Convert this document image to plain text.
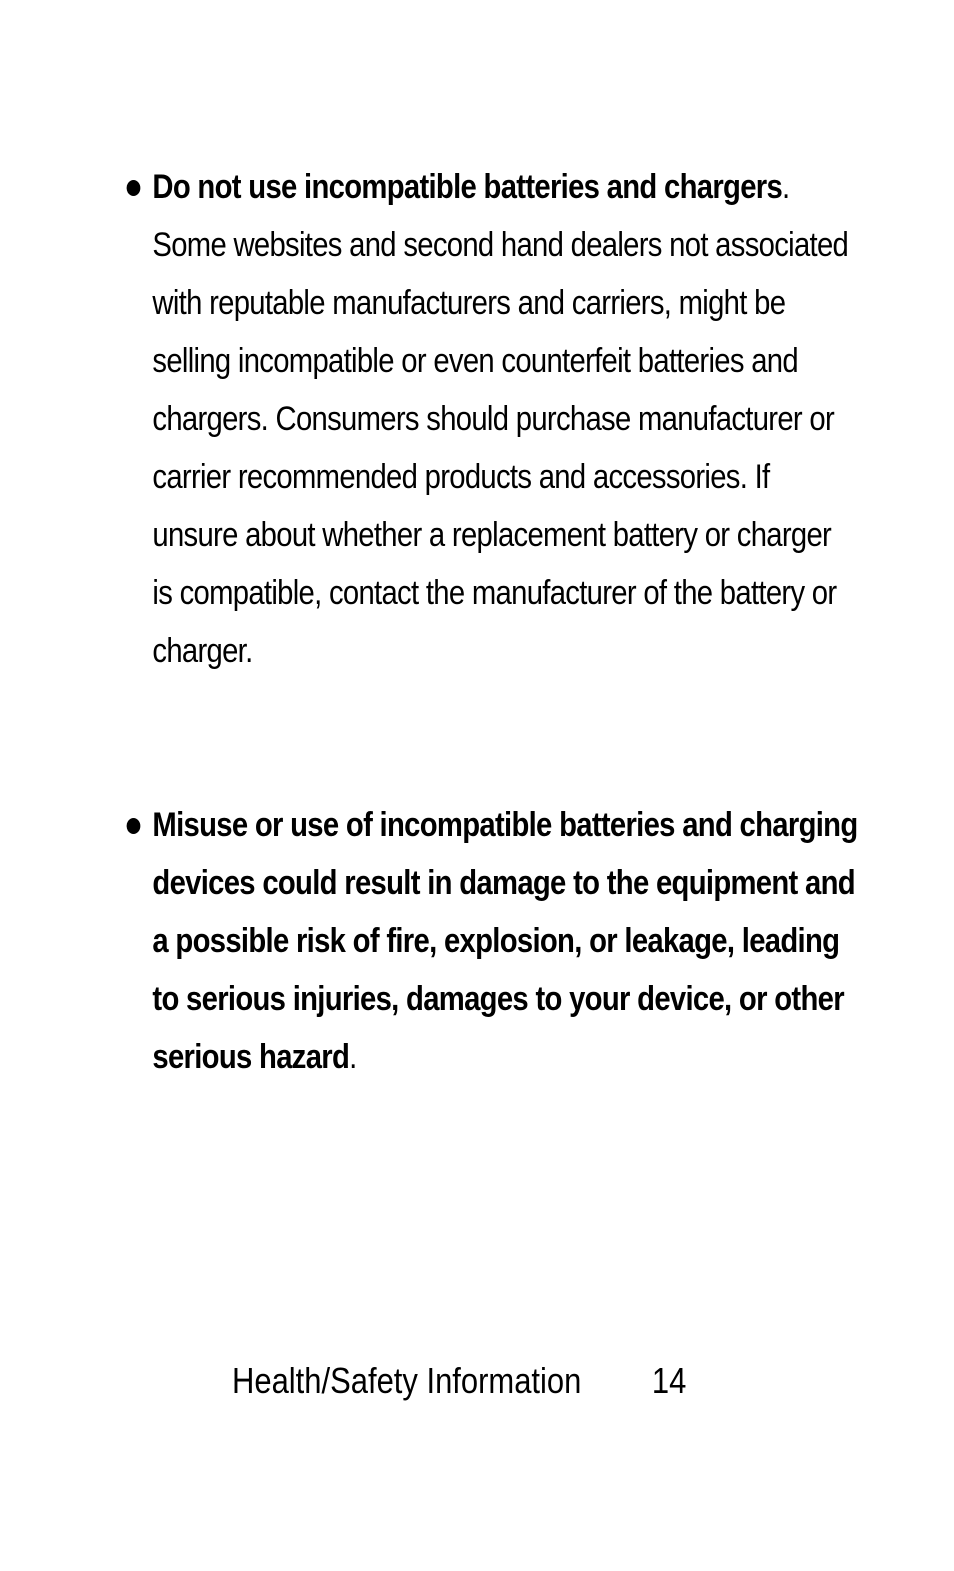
Do not use incompatible batteries and chargers. Some websites and second hand dealers not associated with reputable manufacturers and carriers, might be selling incompatible or even counterfeit batteries and chargers. Consumers should purchase manufacturer or carrier recommended products and accessories. If unsure about whether a replacement battery or charger is compatible, contact the manufacturer of the battery or charger.
Misuse or use of incompatible batteries and charging devices could result in damage to the equipment and a possible risk of fire, explosion, or leakage, leading to serious injuries, damages to your device, or other serious hazard.
Health/Safety Information 14
